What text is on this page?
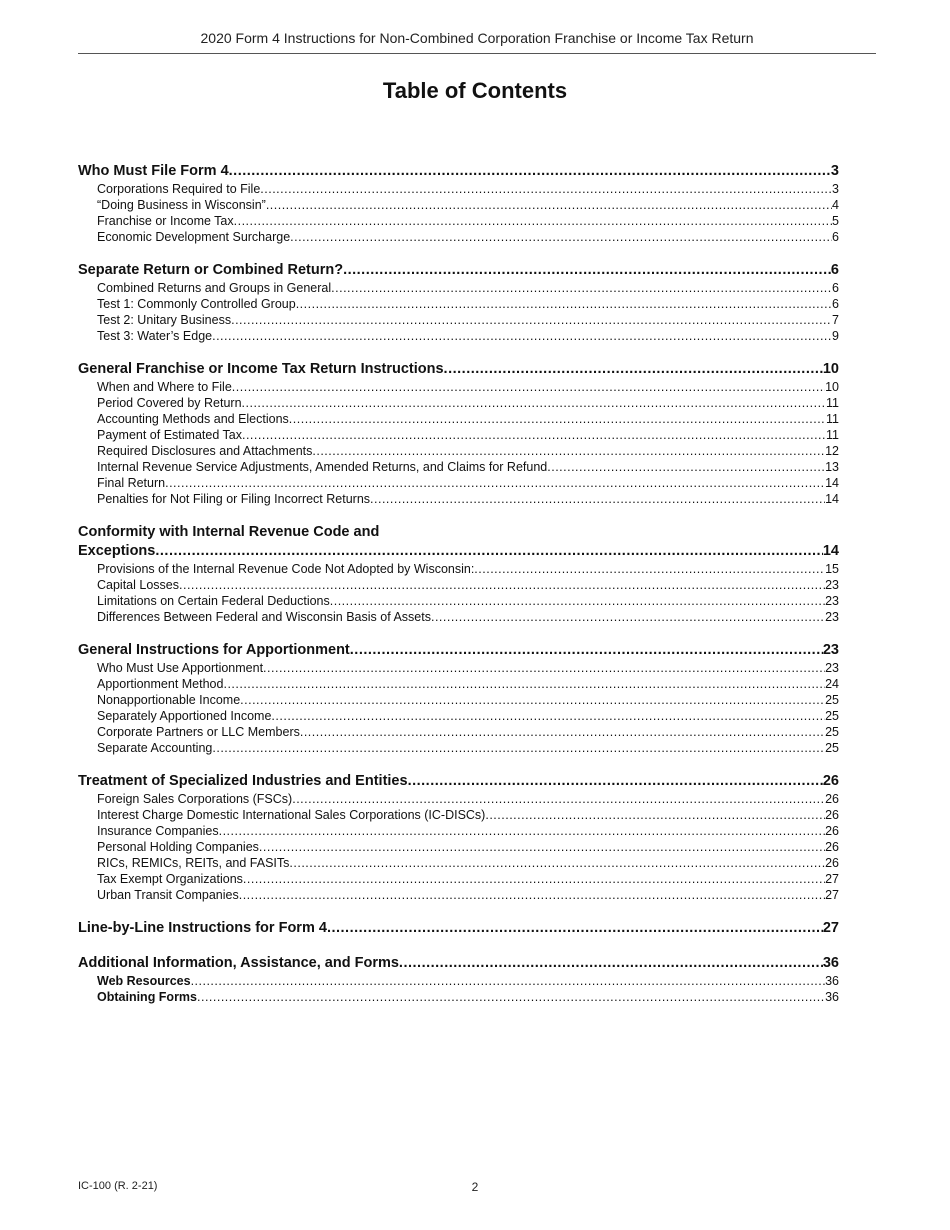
2020 Form 4 Instructions for Non-Combined Corporation Franchise or Income Tax Return
Table of Contents
Who Must File Form 4 .....	3
Corporations Required to File .....	3
“Doing Business in Wisconsin” .....	4
Franchise or Income Tax .....	5
Economic Development Surcharge .....	6
Separate Return or Combined Return? .....	6
Combined Returns and Groups in General .....	6
Test 1: Commonly Controlled Group .....	6
Test 2: Unitary Business .....	7
Test 3: Water’s Edge .....	9
General Franchise or Income Tax Return Instructions .....	10
When and Where to File .....	10
Period Covered by Return .....	11
Accounting Methods and Elections .....	11
Payment of Estimated Tax .....	11
Required Disclosures and Attachments .....	12
Internal Revenue Service Adjustments, Amended Returns, and Claims for Refund .....	13
Final Return .....	14
Penalties for Not Filing or Filing Incorrect Returns .....	14
Conformity with Internal Revenue Code and
Exceptions .....	14
Provisions of the Internal Revenue Code Not Adopted by Wisconsin: .....	15
Capital Losses .....	23
Limitations on Certain Federal Deductions .....	23
Differences Between Federal and Wisconsin Basis of Assets .....	23
General Instructions for Apportionment .....	23
Who Must Use Apportionment .....	23
Apportionment Method .....	24
Nonapportionable Income .....	25
Separately Apportioned Income .....	25
Corporate Partners or LLC Members .....	25
Separate Accounting .....	25
Treatment of Specialized Industries and Entities .....	26
Foreign Sales Corporations (FSCs) .....	26
Interest Charge Domestic International Sales Corporations (IC-DISCs) .....	26
Insurance Companies .....	26
Personal Holding Companies .....	26
RICs, REMICs, REITs, and FASITs .....	26
Tax Exempt Organizations .....	27
Urban Transit Companies .....	27
Line-by-Line Instructions for Form 4 .....	27
Additional Information, Assistance, and Forms .....	36
Web Resources .....	36
Obtaining Forms .....	36
IC-100 (R. 2-21)	2
